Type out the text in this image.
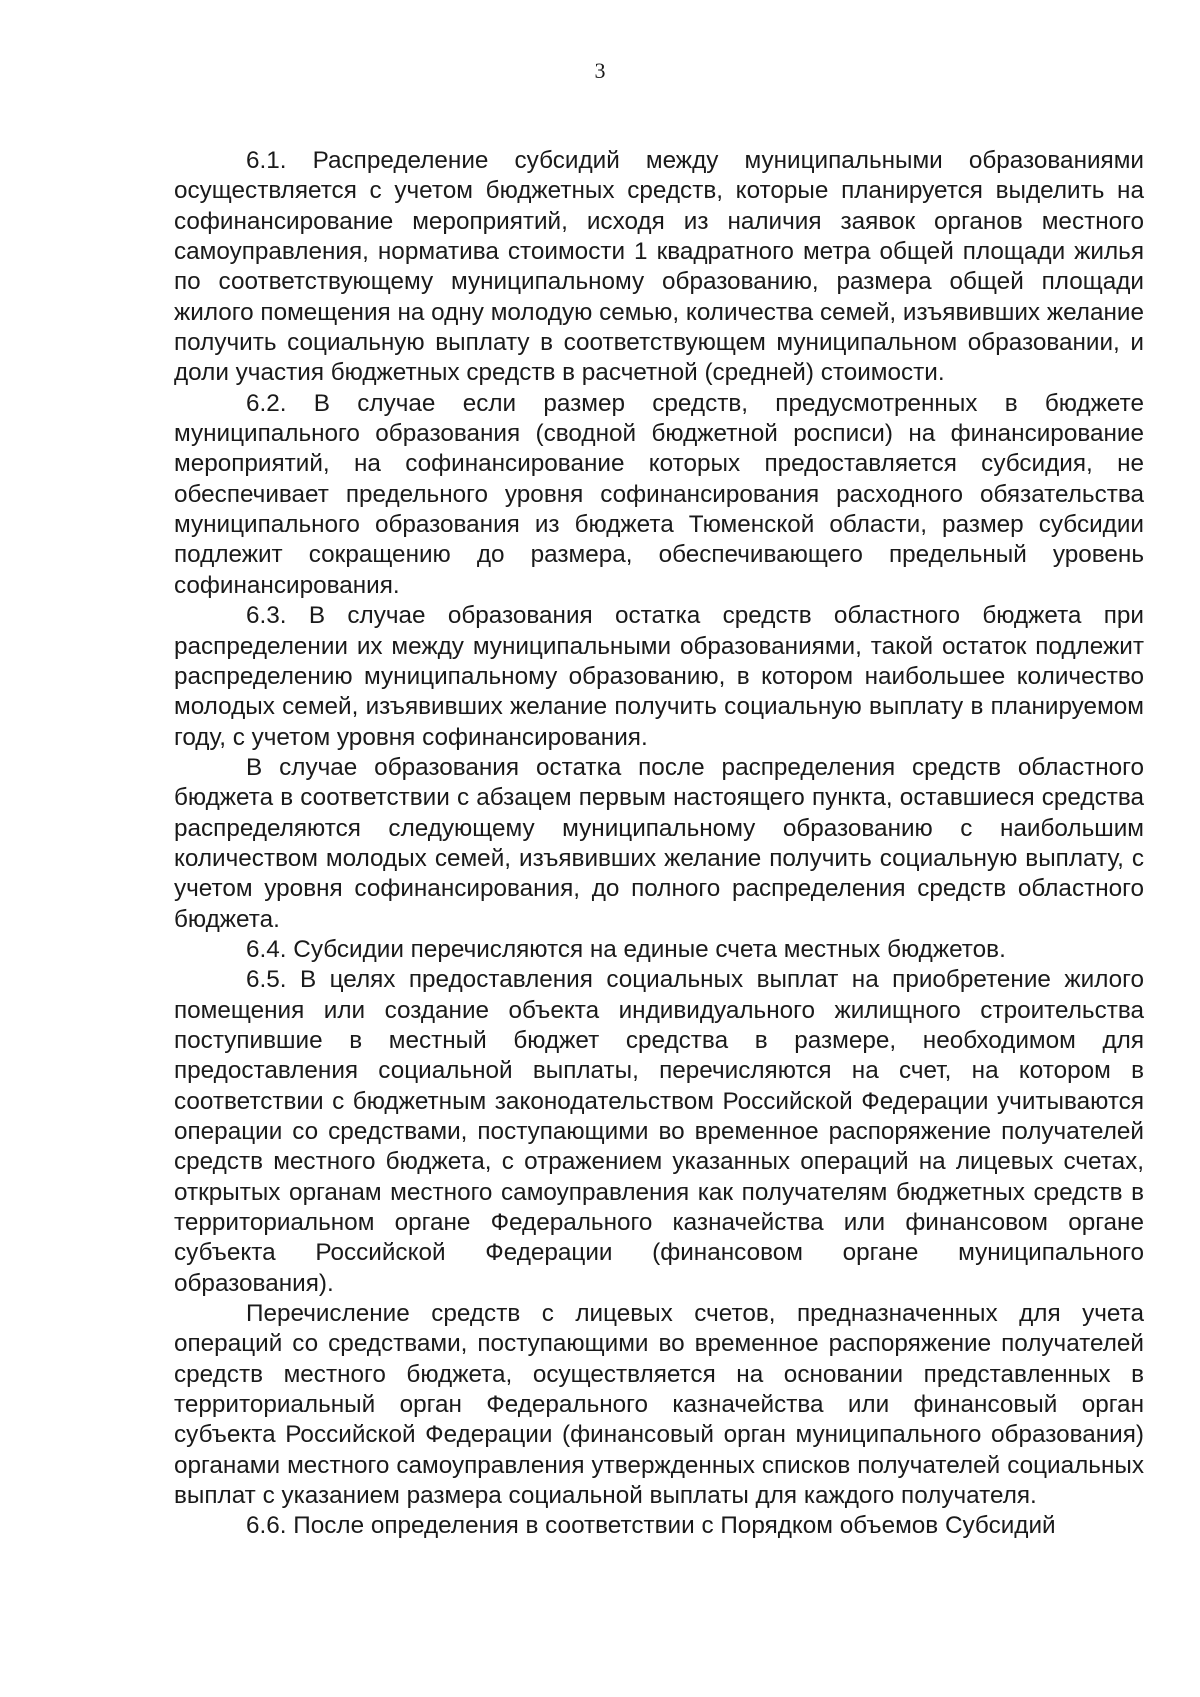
3

6.1. Распределение субсидий между муниципальными образованиями осуществляется с учетом бюджетных средств, которые планируется выделить на софинансирование мероприятий, исходя из наличия заявок органов местного самоуправления, норматива стоимости 1 квадратного метра общей площади жилья по соответствующему муниципальному образованию, размера общей площади жилого помещения на одну молодую семью, количества семей, изъявивших желание получить социальную выплату в соответствующем муниципальном образовании, и доли участия бюджетных средств в расчетной (средней) стоимости.

6.2. В случае если размер средств, предусмотренных в бюджете муниципального образования (сводной бюджетной росписи) на финансирование мероприятий, на софинансирование которых предоставляется субсидия, не обеспечивает предельного уровня софинансирования расходного обязательства муниципального образования из бюджета Тюменской области, размер субсидии подлежит сокращению до размера, обеспечивающего предельный уровень софинансирования.

6.3. В случае образования остатка средств областного бюджета при распределении их между муниципальными образованиями, такой остаток подлежит распределению муниципальному образованию, в котором наибольшее количество молодых семей, изъявивших желание получить социальную выплату в планируемом году, с учетом уровня софинансирования.

В случае образования остатка после распределения средств областного бюджета в соответствии с абзацем первым настоящего пункта, оставшиеся средства распределяются следующему муниципальному образованию с наибольшим количеством молодых семей, изъявивших желание получить социальную выплату, с учетом уровня софинансирования, до полного распределения средств областного бюджета.

6.4. Субсидии перечисляются на единые счета местных бюджетов.

6.5. В целях предоставления социальных выплат на приобретение жилого помещения или создание объекта индивидуального жилищного строительства поступившие в местный бюджет средства в размере, необходимом для предоставления социальной выплаты, перечисляются на счет, на котором в соответствии с бюджетным законодательством Российской Федерации учитываются операции со средствами, поступающими во временное распоряжение получателей средств местного бюджета, с отражением указанных операций на лицевых счетах, открытых органам местного самоуправления как получателям бюджетных средств в территориальном органе Федерального казначейства или финансовом органе субъекта Российской Федерации (финансовом органе муниципального образования).

Перечисление средств с лицевых счетов, предназначенных для учета операций со средствами, поступающими во временное распоряжение получателей средств местного бюджета, осуществляется на основании представленных в территориальный орган Федерального казначейства или финансовый орган субъекта Российской Федерации (финансовый орган муниципального образования) органами местного самоуправления утвержденных списков получателей социальных выплат с указанием размера социальной выплаты для каждого получателя.

6.6. После определения в соответствии с Порядком объемов Субсидий
